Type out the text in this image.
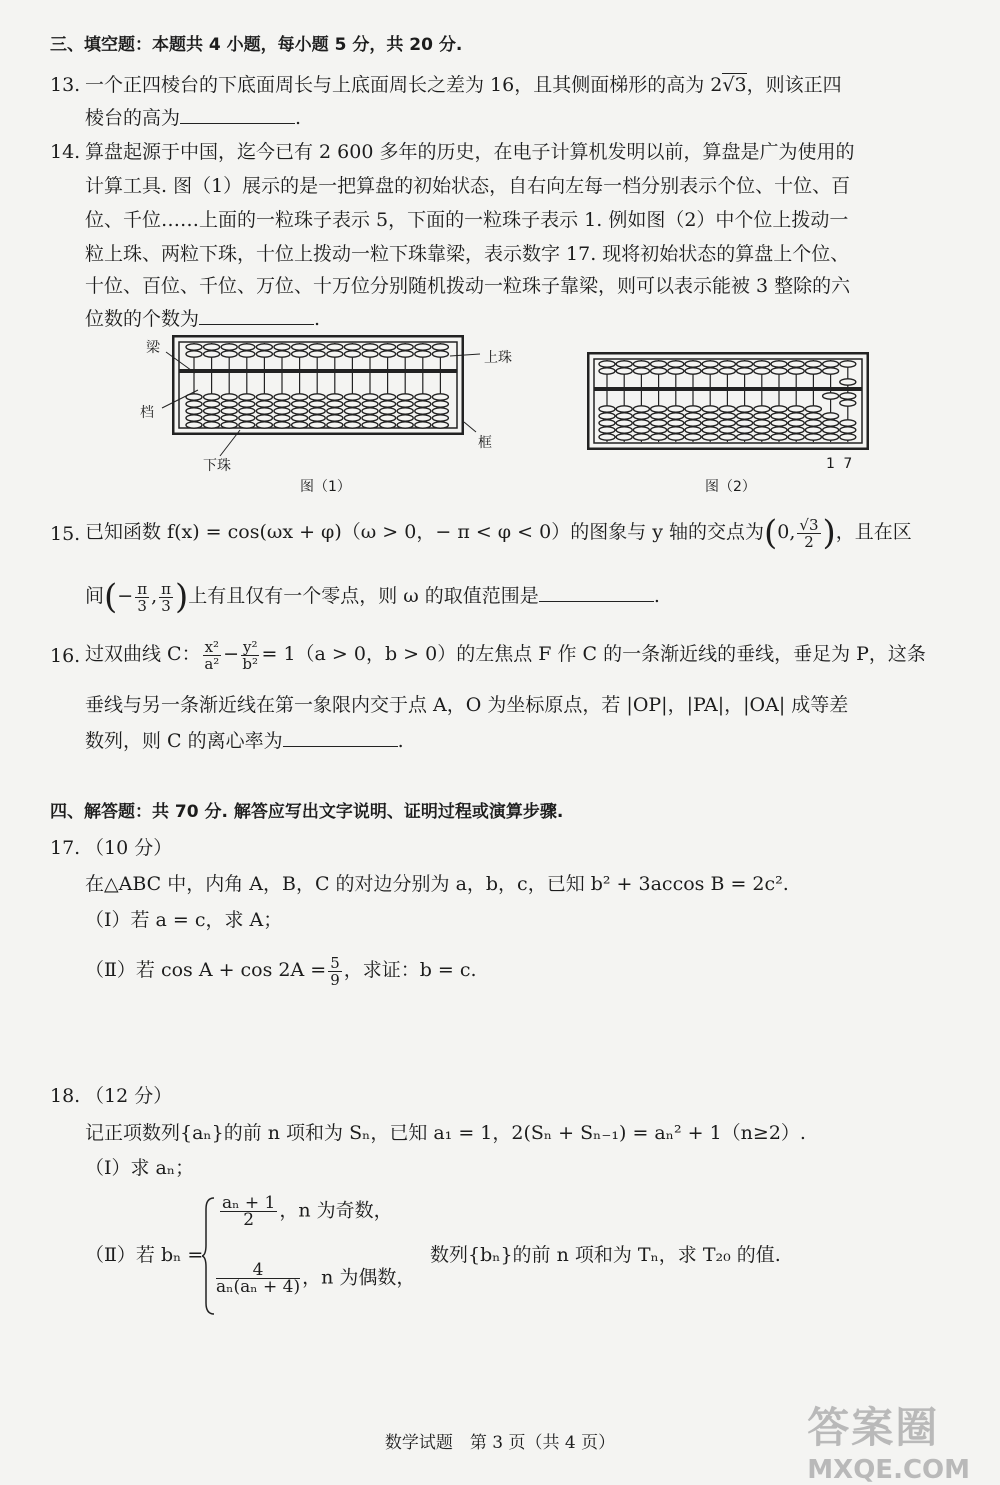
三、填空题：本题共 4 小题，每小题 5 分，共 20 分.
13. 一个正四棱台的下底面周长与上底面周长之差为 16，且其侧面梯形的高为 2√3，则该正四
棱台的高为	.
14. 算盘起源于中国，迄今已有 2 600 多年的历史，在电子计算机发明以前，算盘是广为使用的
计算工具. 图（1）展示的是一把算盘的初始状态，自右向左每一档分别表示个位、十位、百
位、千位……上面的一粒珠子表示 5，下面的一粒珠子表示 1. 例如图（2）中个位上拨动一
粒上珠、两粒下珠，十位上拨动一粒下珠靠梁，表示数字 17. 现将初始状态的算盘上个位、
十位、百位、千位、万位、十万位分别随机拨动一粒珠子靠梁，则可以表示能被 3 整除的六
位数的个数为	.
梁
档
上珠
下珠
框
图（1）
1 7
图（2）
15. 已知函数 f(x) = cos(ωx + φ)（ω > 0，− π < φ < 0）的图象与 y 轴的交点为(0, $\frac{√3}{2}$ )，且在区
间(− $\frac{\pi}{3}$ , $\frac{\pi}{3}$ )上有且仅有一个零点，则 ω 的取值范围是	.
16. 过双曲线 C： $\frac{\text{x²}}{\text{a²}} - \frac{\text{y²}}{\text{b²}} = 1(a > 0$，b > 0）的左焦点 F 作 C 的一条渐近线的垂线，垂足为 P，这条
垂线与另一条渐近线在第一象限内交于点 A，O 为坐标原点，若 |OP|，|PA|，|OA| 成等差
数列，则 C 的离心率为	.
四、解答题：共 70 分. 解答应写出文字说明、证明过程或演算步骤.
17. （10 分）
在△ABC 中，内角 A，B，C 的对边分别为 a，b，c，已知 b² + 3accos B = 2c².
（Ⅰ）若 a = c，求 A；
（Ⅱ）若 $\cos A + \cos 2A = \frac{5}{9}$ ，求证：b = c.
18. （12 分）
记正项数列{aₙ}的前 n 项和为 Sₙ，已知 a₁ = 1，2(Sₙ + Sₙ₋₁) = aₙ² + 1（n≥2）.
（Ⅰ）求 aₙ；
（Ⅱ）若 bₙ =
$\frac{\text{aₙ + 1}}{2}$ ，n 为奇数，
$\frac{4}{\text{aₙ(aₙ + 4)}}$ ，n 为偶数，
数列{bₙ}的前 n 项和为 Tₙ，求 T₂₀ 的值.
数学试题　第 3 页（共 4 页）	答案圈
MXQE.COM
